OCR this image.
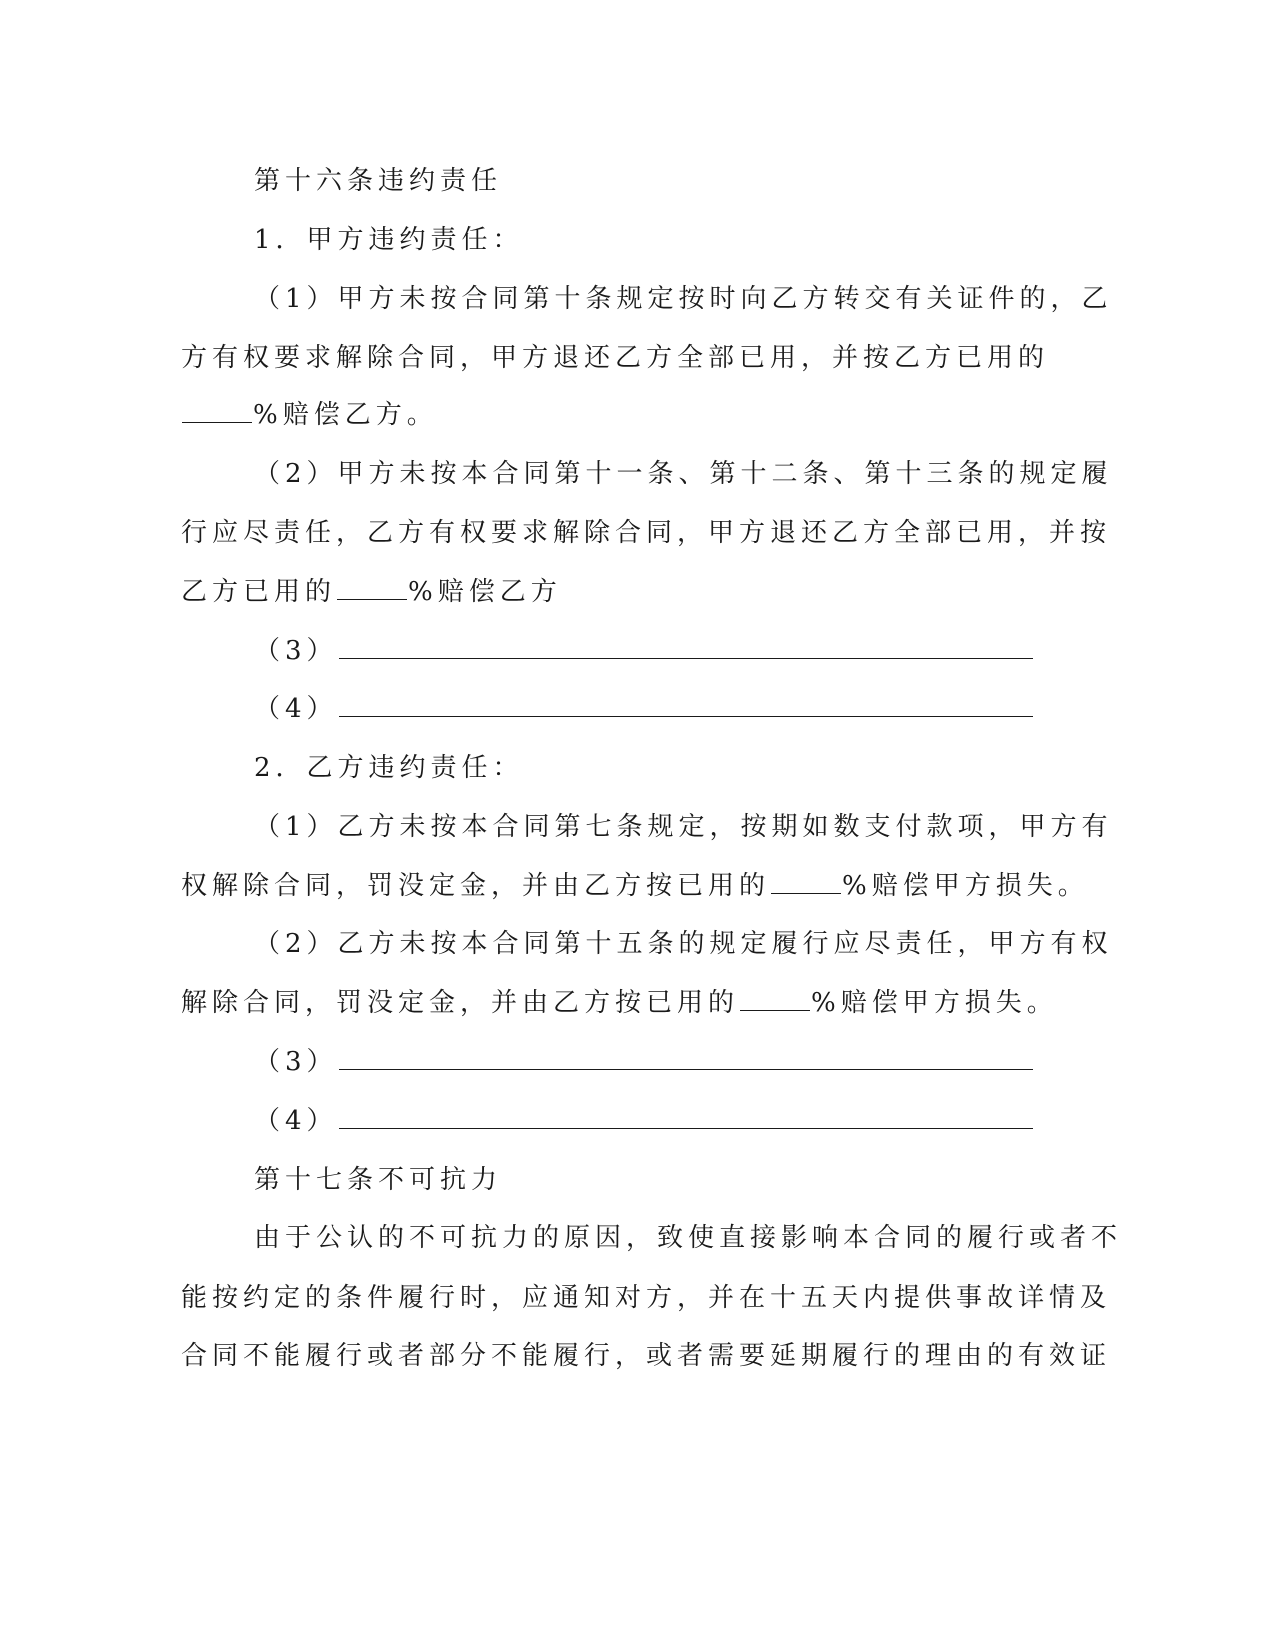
第十六条违约责任
1．甲方违约责任：
（1）甲方未按合同第十条规定按时向乙方转交有关证件的，乙
方有权要求解除合同，甲方退还乙方全部已用，并按乙方已用的
%赔偿乙方。
（2）甲方未按本合同第十一条、第十二条、第十三条的规定履
行应尽责任，乙方有权要求解除合同，甲方退还乙方全部已用，并按
乙方已用的	%赔偿乙方
（3）
（4）
2．乙方违约责任：
（1）乙方未按本合同第七条规定，按期如数支付款项，甲方有
权解除合同，罚没定金，并由乙方按已用的	%赔偿甲方损失。
（2）乙方未按本合同第十五条的规定履行应尽责任，甲方有权
解除合同，罚没定金，并由乙方按已用的	%赔偿甲方损失。
（3）
（4）
第十七条不可抗力
由于公认的不可抗力的原因，致使直接影响本合同的履行或者不
能按约定的条件履行时，应通知对方，并在十五天内提供事故详情及
合同不能履行或者部分不能履行，或者需要延期履行的理由的有效证
